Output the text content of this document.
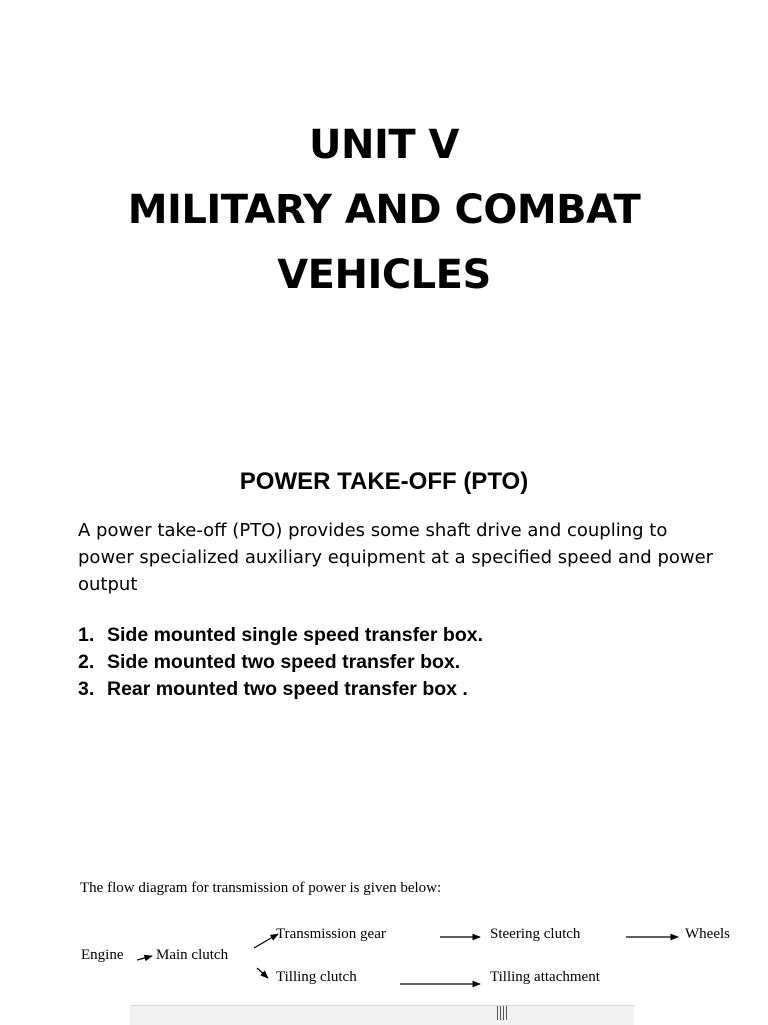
UNIT V
MILITARY AND COMBAT
VEHICLES
POWER TAKE-OFF (PTO)
A power take-off (PTO) provides some shaft drive and coupling to power specialized auxiliary equipment at a specified speed and power output
1. Side mounted single speed transfer box.
2. Side mounted two speed transfer box.
3. Rear mounted two speed transfer box .
The flow diagram for transmission of power is given below:
Engine Main clutch
Transmission gear	Steering clutch	Wheels
Tilling clutch	Tilling attachment
